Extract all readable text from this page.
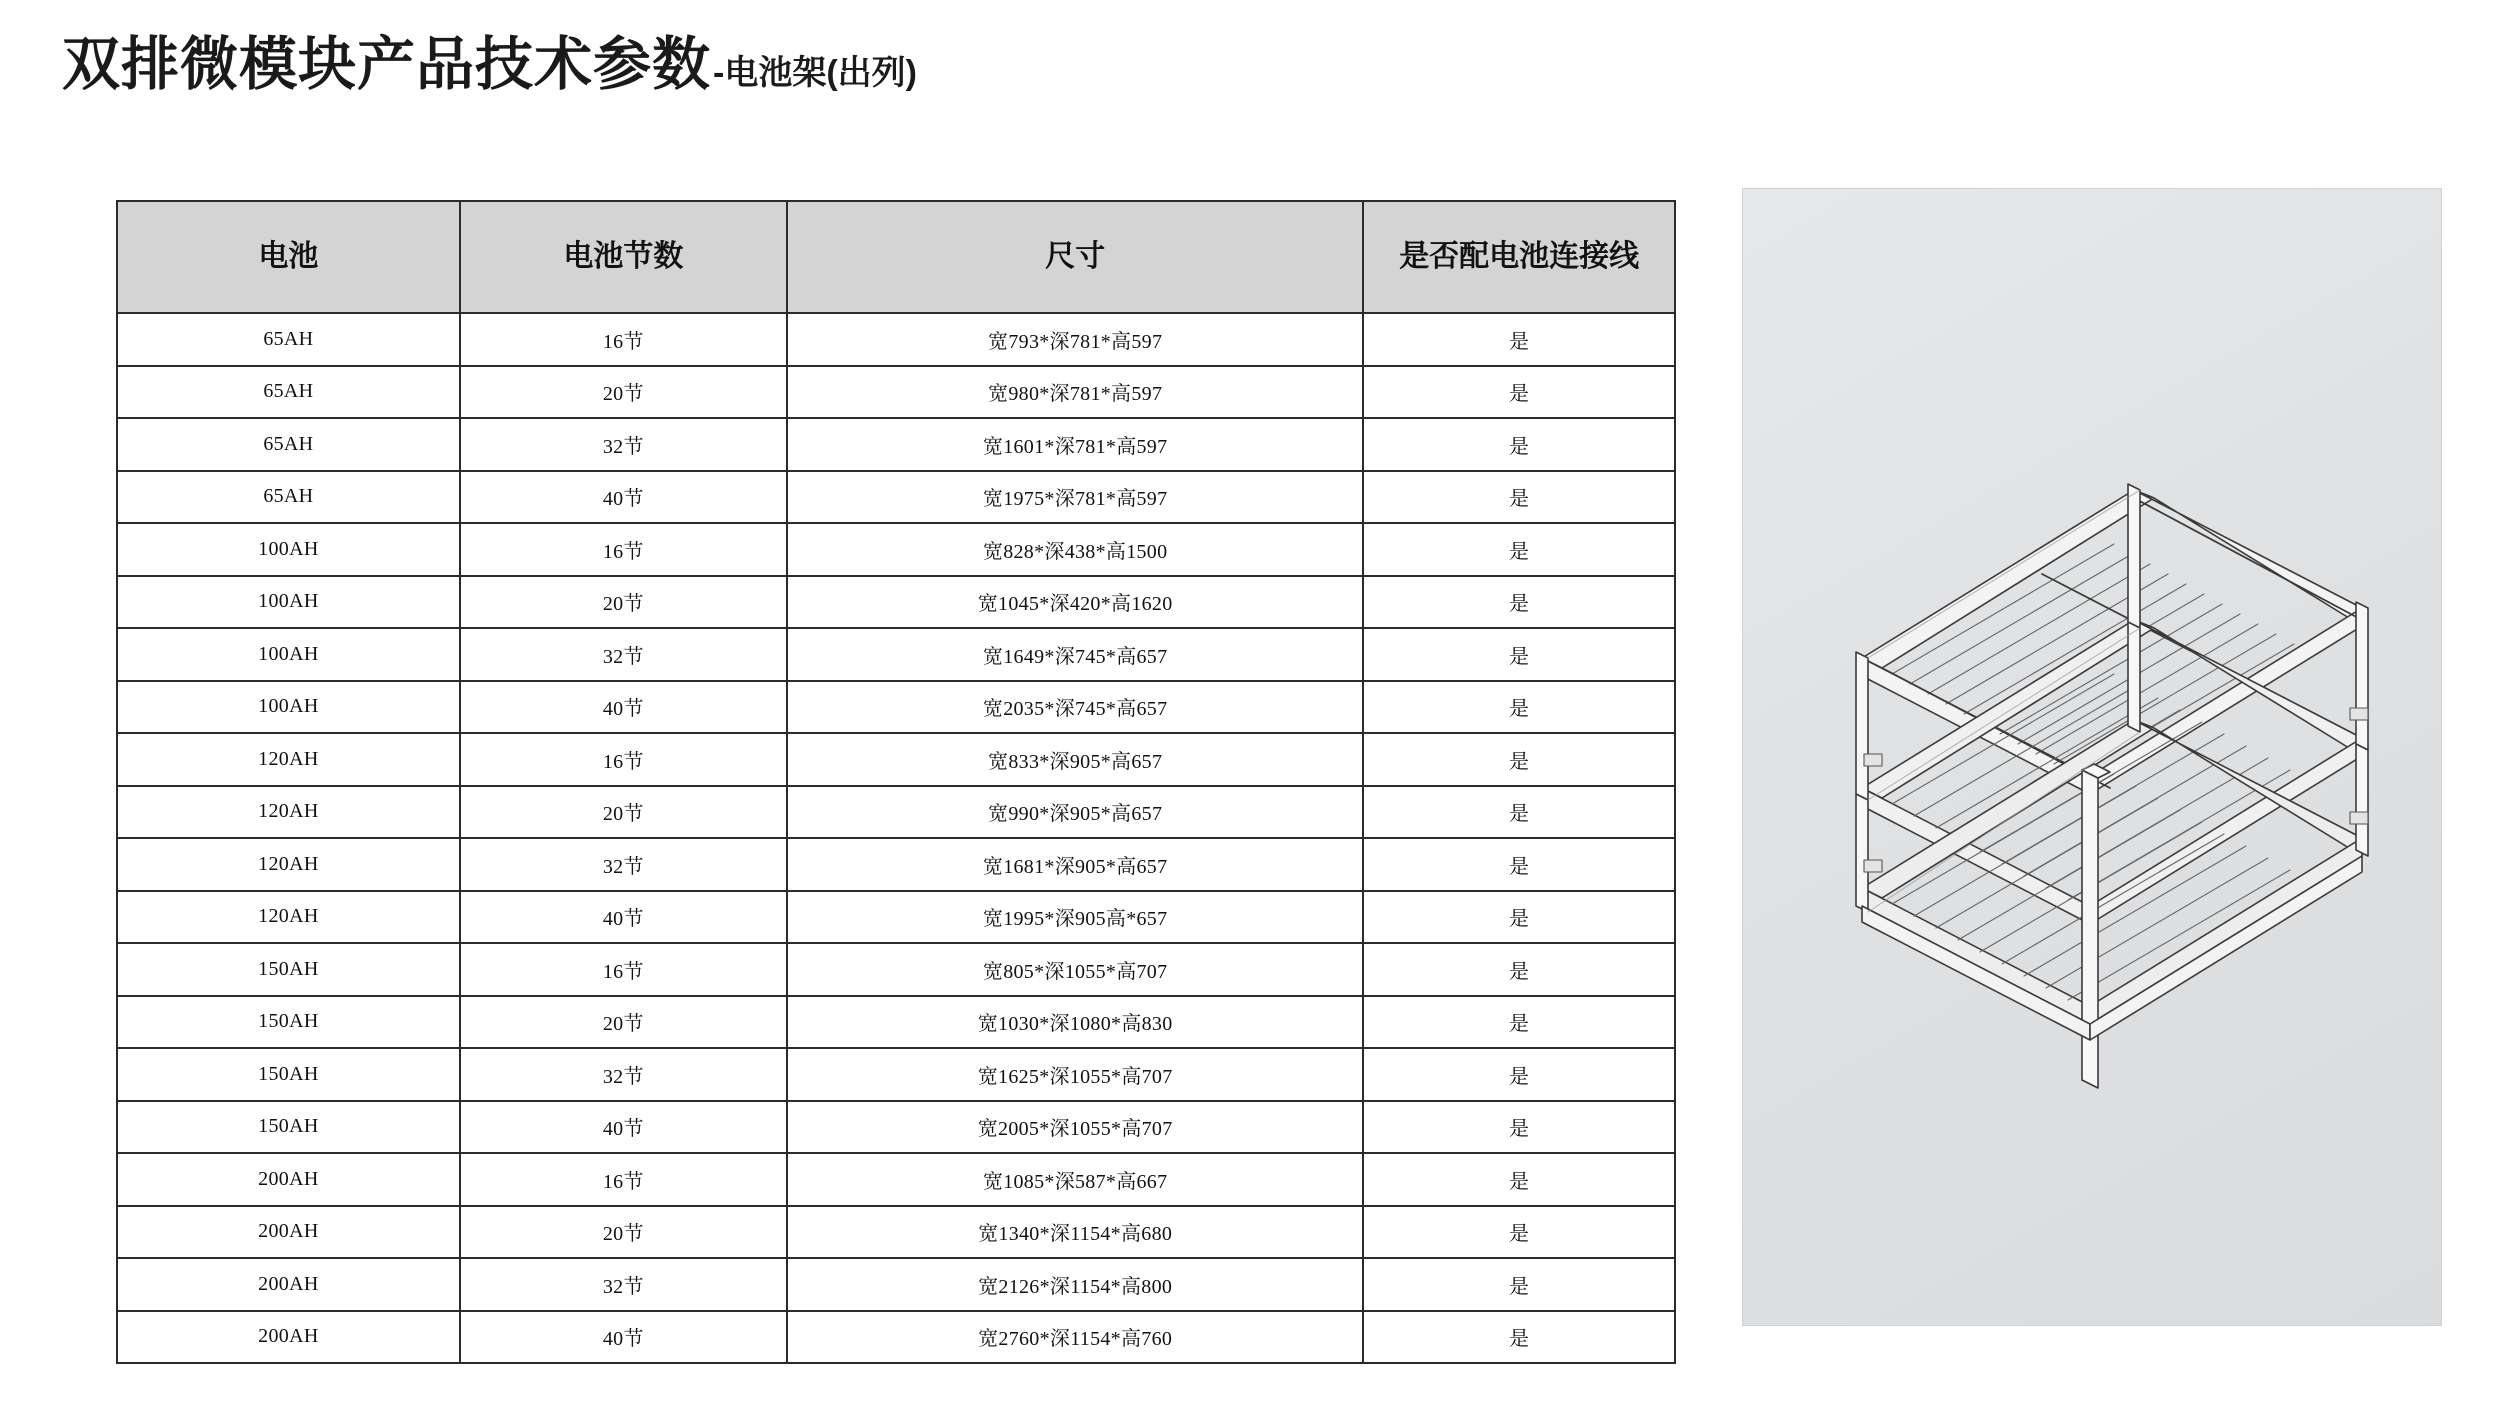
双排微模块产品技术参数 -电池架(出列)
电池	电池节数	尺寸	是否配电池连接线
65AH	16节	宽793*深781*高597	是
65AH	20节	宽980*深781*高597	是
65AH	32节	宽1601*深781*高597	是
65AH	40节	宽1975*深781*高597	是
100AH	16节	宽828*深438*高1500	是
100AH	20节	宽1045*深420*高1620	是
100AH	32节	宽1649*深745*高657	是
100AH	40节	宽2035*深745*高657	是
120AH	16节	宽833*深905*高657	是
120AH	20节	宽990*深905*高657	是
120AH	32节	宽1681*深905*高657	是
120AH	40节	宽1995*深905高*657	是
150AH	16节	宽805*深1055*高707	是
150AH	20节	宽1030*深1080*高830	是
150AH	32节	宽1625*深1055*高707	是
150AH	40节	宽2005*深1055*高707	是
200AH	16节	宽1085*深587*高667	是
200AH	20节	宽1340*深1154*高680	是
200AH	32节	宽2126*深1154*高800	是
200AH	40节	宽2760*深1154*高760	是
